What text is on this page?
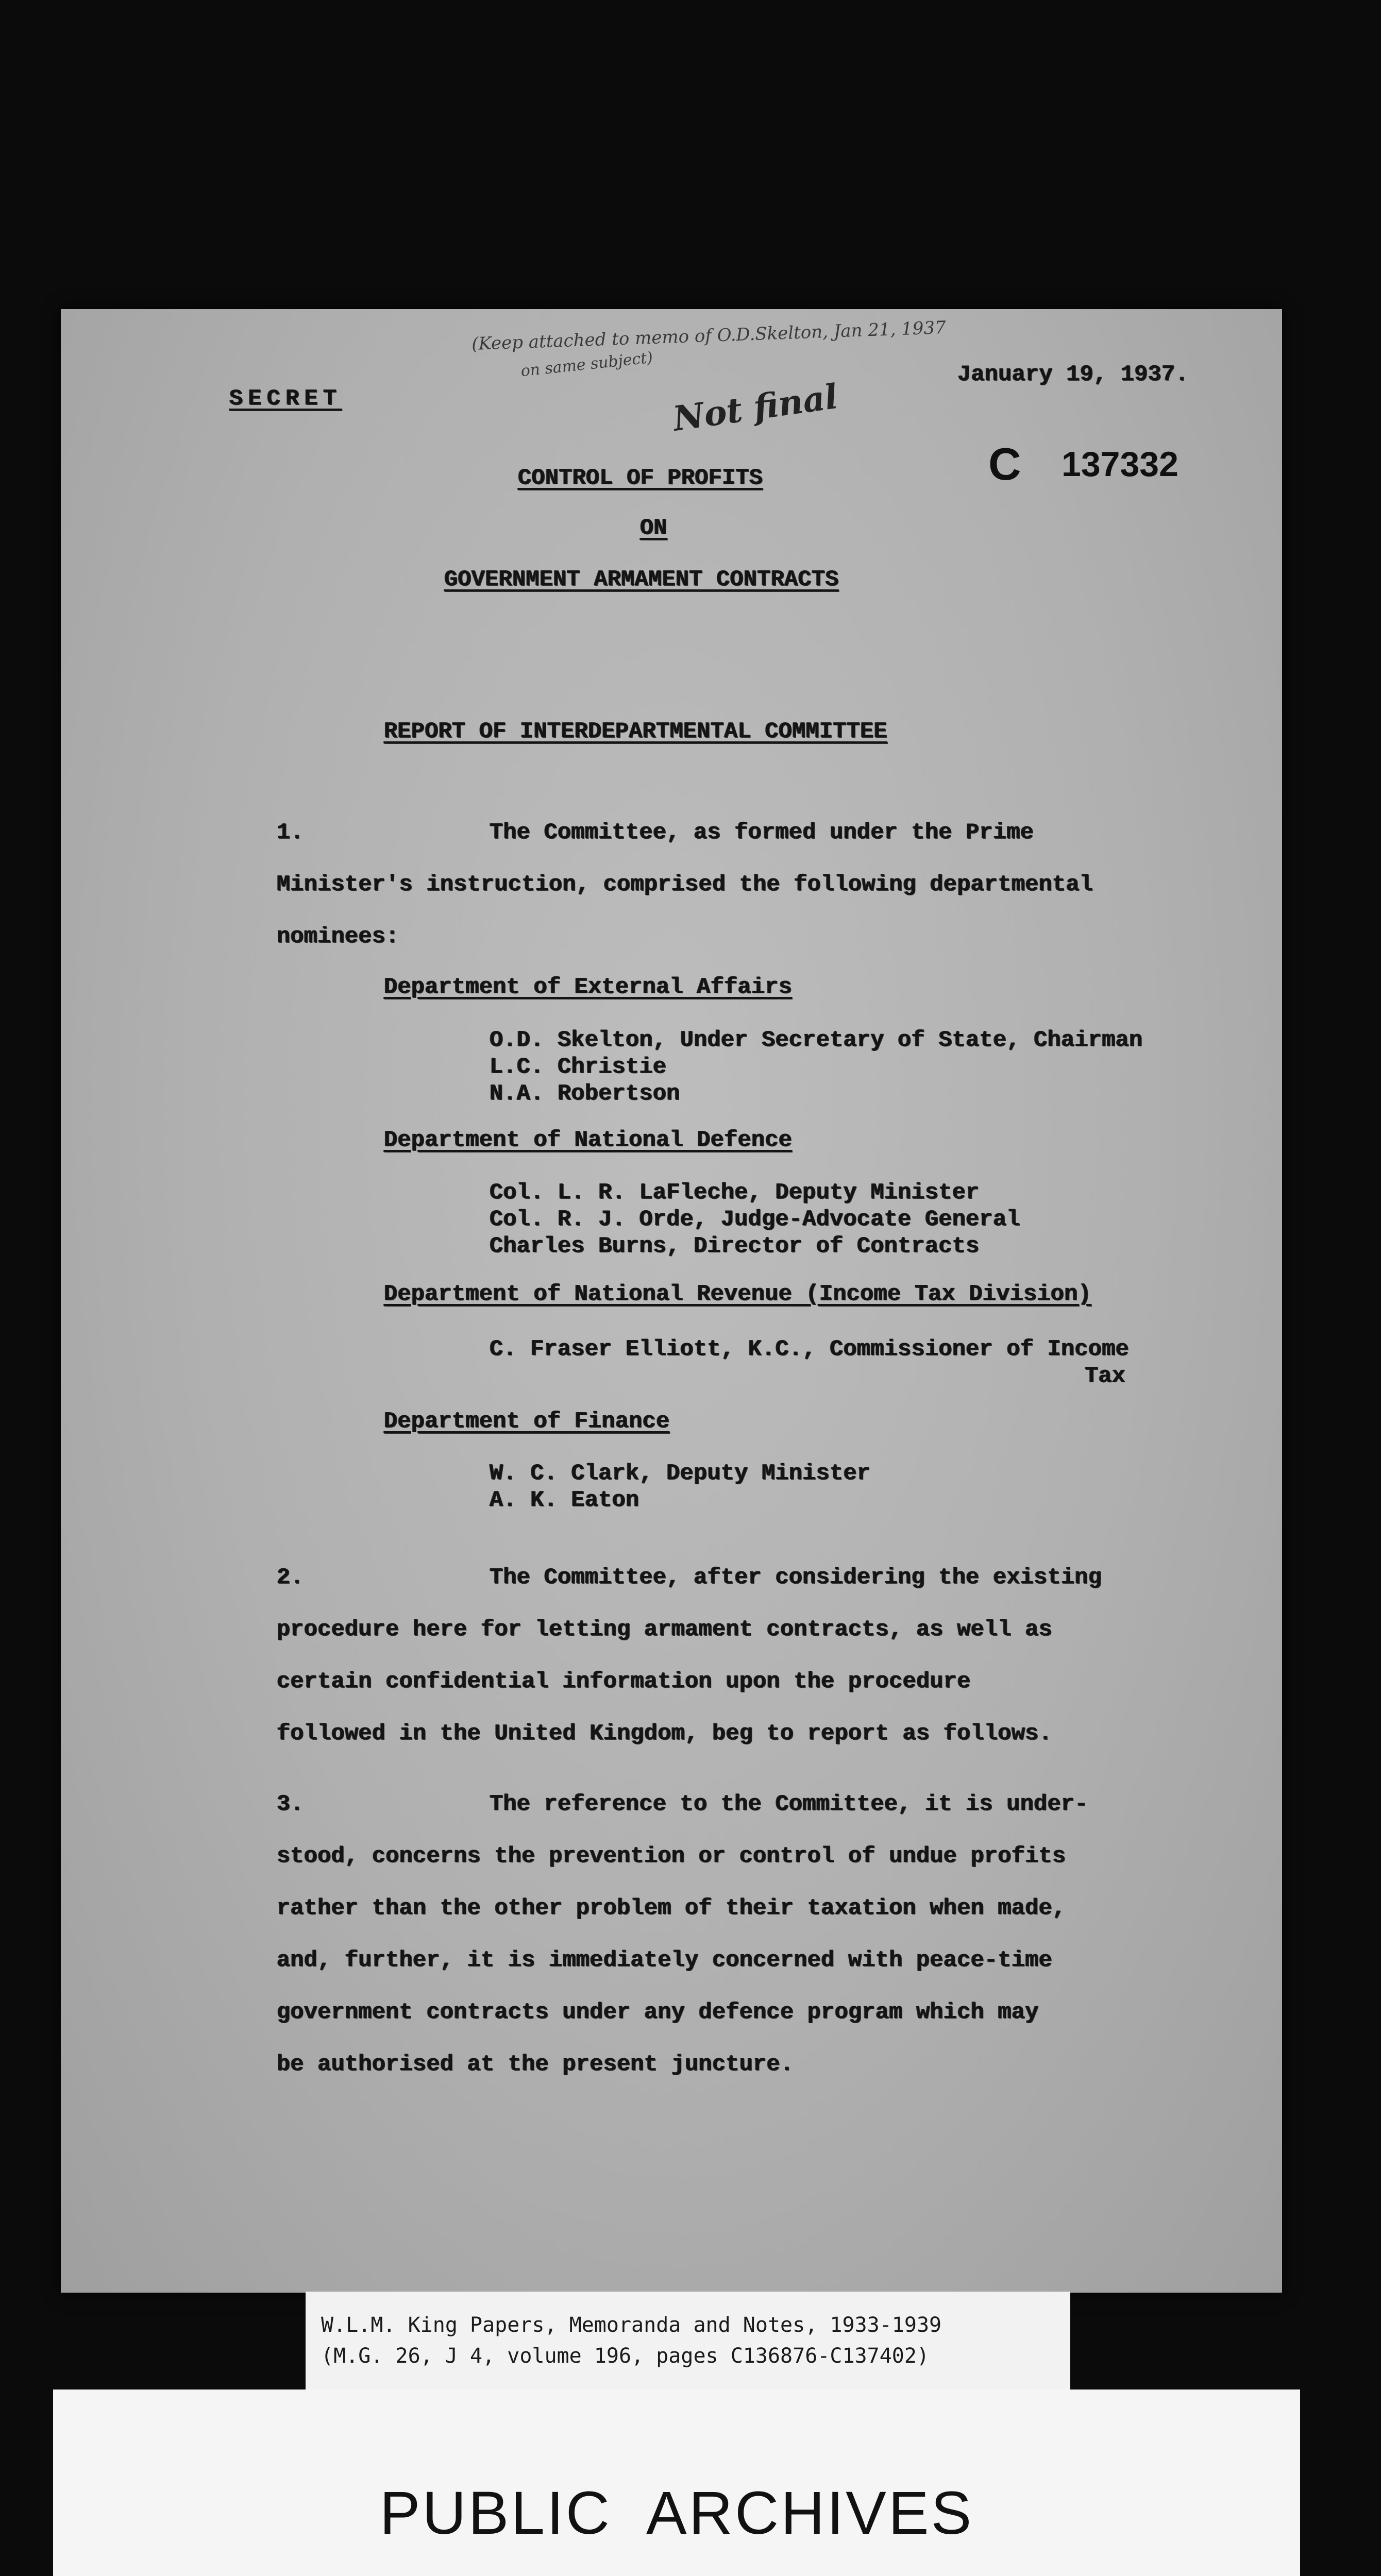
(Keep attached to memo of O.D.Skelton, Jan 21, 1937
on same subject)
SECRET
January 19, 1937.
Not final
C 137332
CONTROL OF PROFITS
ON
GOVERNMENT ARMAMENT CONTRACTS
REPORT OF INTERDEPARTMENTAL COMMITTEE
1.	The Committee, as formed under the Prime
Minister's instruction, comprised the following departmental
nominees:
Department of External Affairs
O.D. Skelton, Under Secretary of State, Chairman
L.C. Christie
N.A. Robertson
Department of National Defence
Col. L. R. LaFleche, Deputy Minister
Col. R. J. Orde, Judge-Advocate General
Charles Burns, Director of Contracts
Department of National Revenue (Income Tax Division)
C. Fraser Elliott, K.C., Commissioner of Income
Tax
Department of Finance
W. C. Clark, Deputy Minister
A. K. Eaton
2.	The Committee, after considering the existing
procedure here for letting armament contracts, as well as
certain confidential information upon the procedure
followed in the United Kingdom, beg to report as follows.
3.	The reference to the Committee, it is under-
stood, concerns the prevention or control of undue profits
rather than the other problem of their taxation when made,
and, further, it is immediately concerned with peace-time
government contracts under any defence program which may
be authorised at the present juncture.
W.L.M. King Papers, Memoranda and Notes, 1933-1939
(M.G. 26, J 4, volume 196, pages C136876-C137402)
PUBLIC  ARCHIVES
